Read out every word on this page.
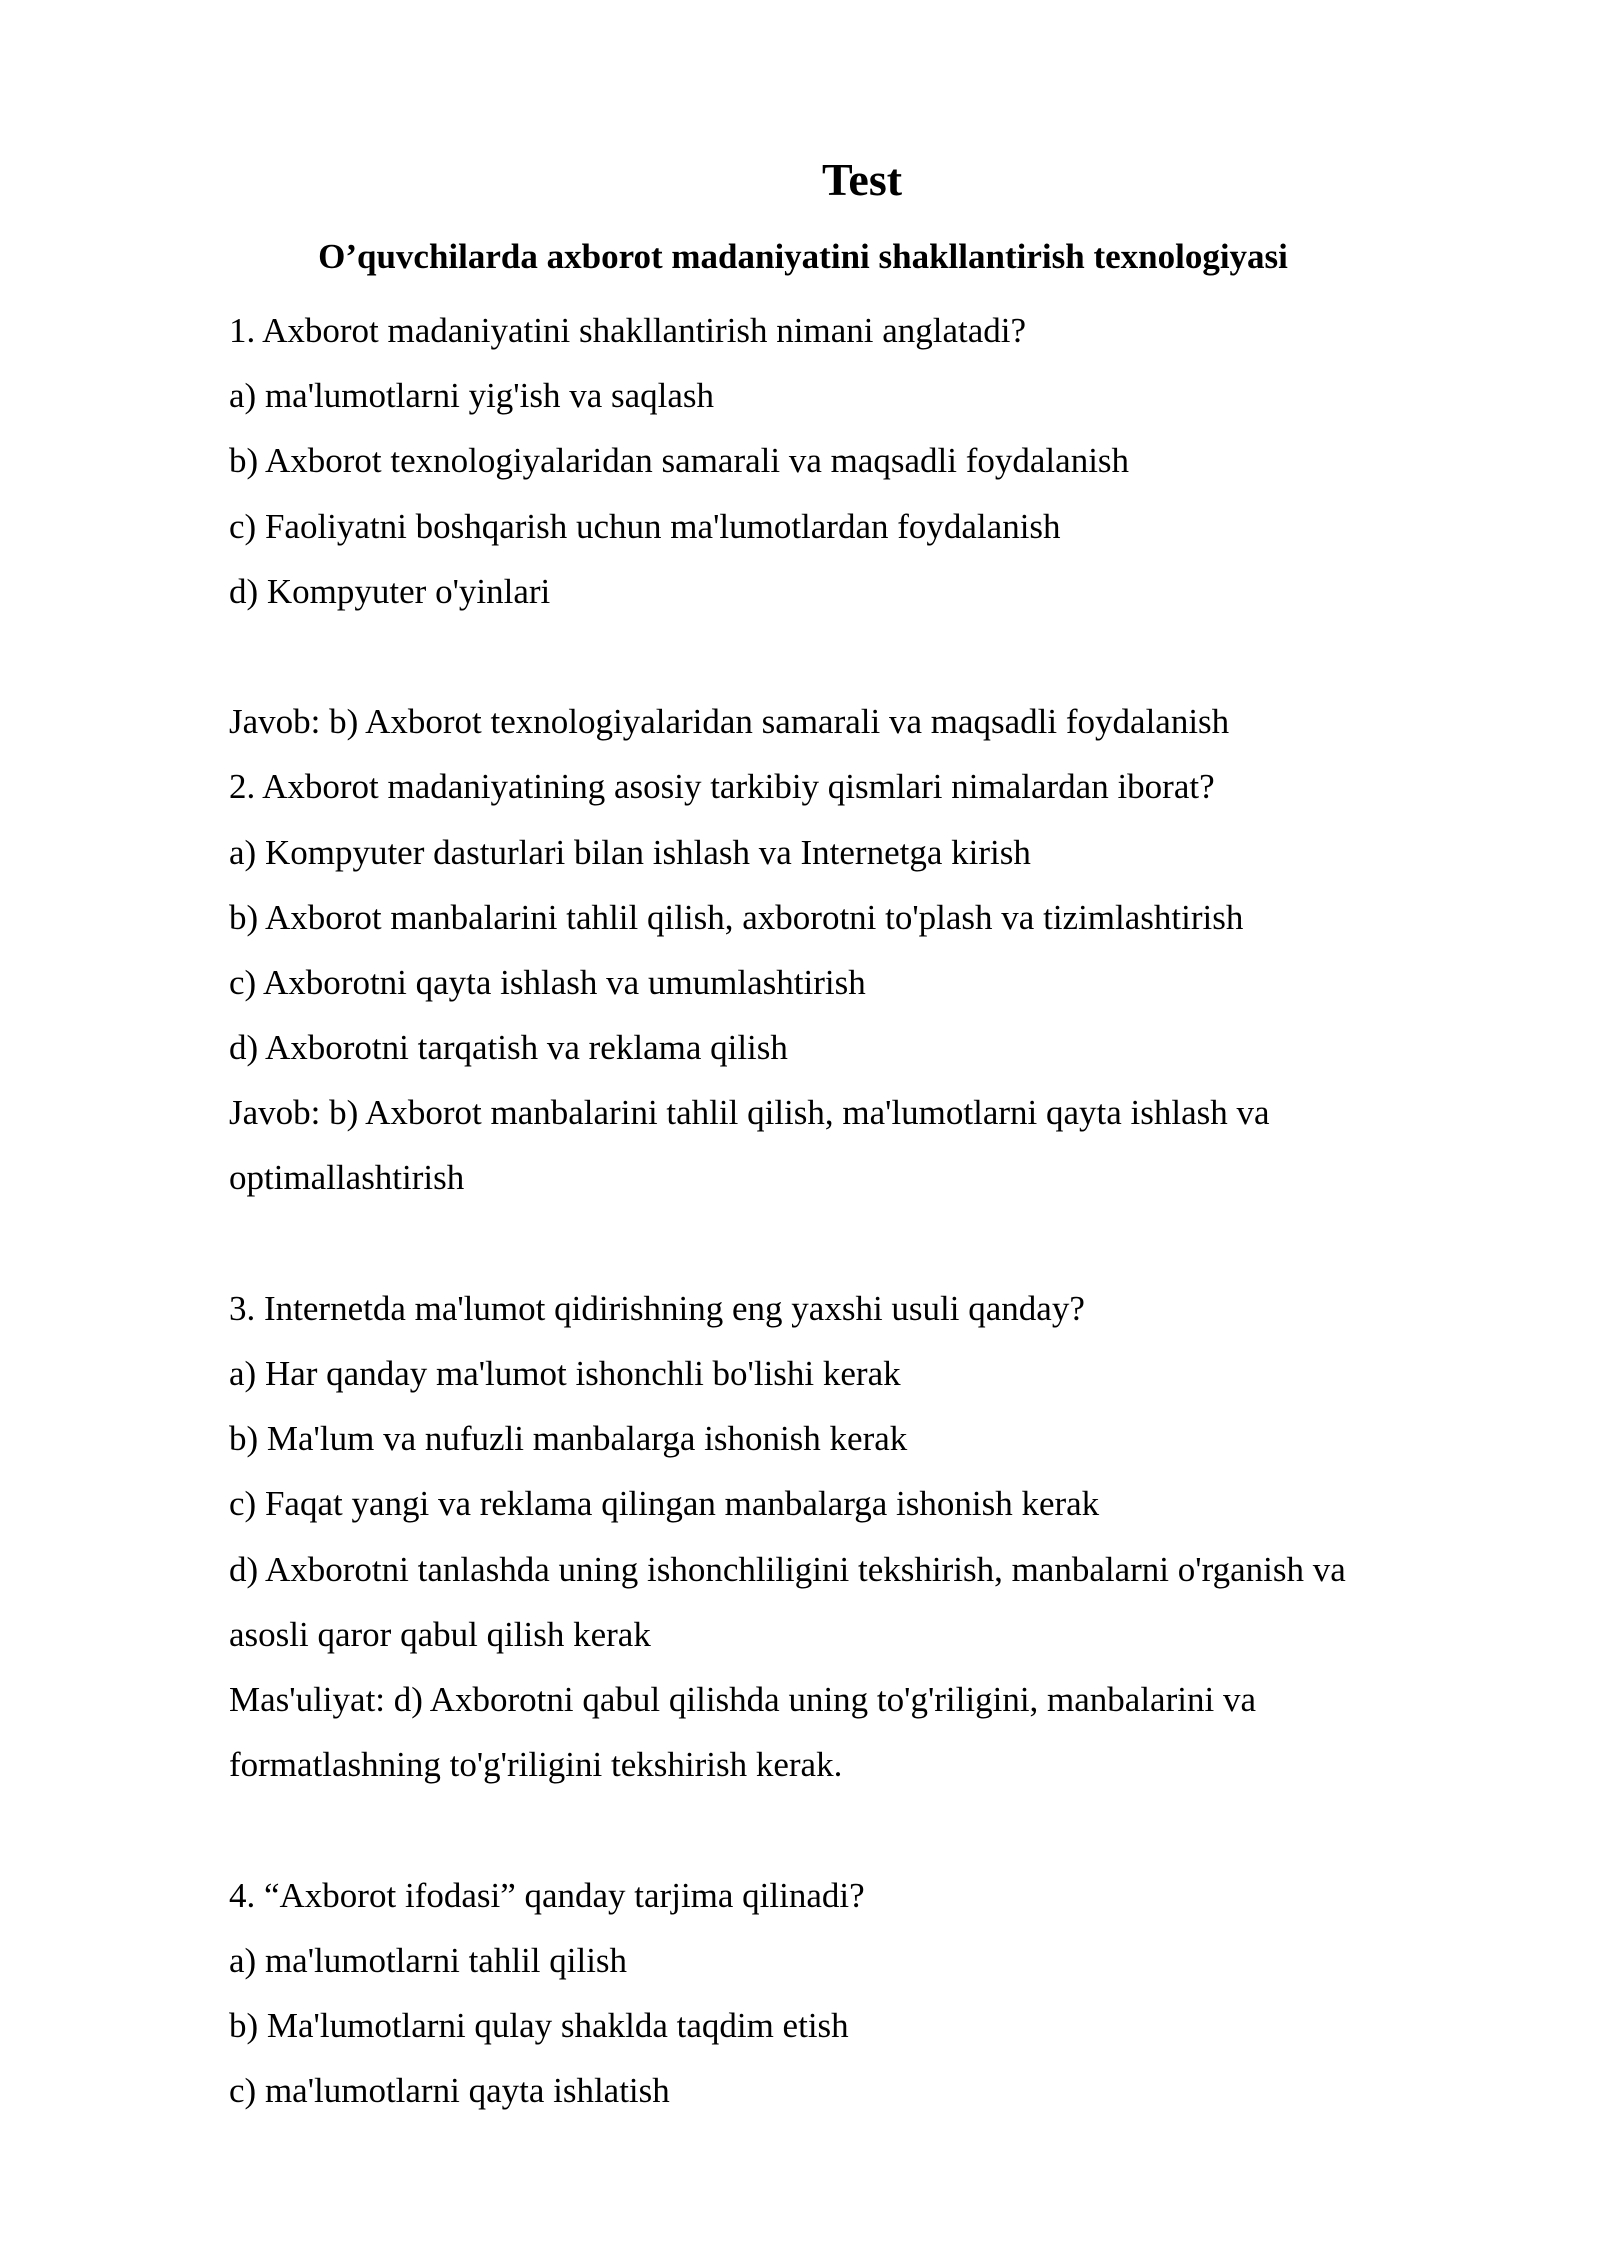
Test
O’quvchilarda axborot madaniyatini shakllantirish texnologiyasi
1. Axborot madaniyatini shakllantirish nimani anglatadi?
a) ma'lumotlarni yig'ish va saqlash
b) Axborot texnologiyalaridan samarali va maqsadli foydalanish
c) Faoliyatni boshqarish uchun ma'lumotlardan foydalanish
d) Kompyuter o'yinlari
Javob: b) Axborot texnologiyalaridan samarali va maqsadli foydalanish
2. Axborot madaniyatining asosiy tarkibiy qismlari nimalardan iborat?
a) Kompyuter dasturlari bilan ishlash va Internetga kirish
b) Axborot manbalarini tahlil qilish, axborotni to'plash va tizimlashtirish
c) Axborotni qayta ishlash va umumlashtirish
d) Axborotni tarqatish va reklama qilish
Javob: b) Axborot manbalarini tahlil qilish, ma'lumotlarni qayta ishlash va
optimallashtirish
3. Internetda ma'lumot qidirishning eng yaxshi usuli qanday?
a) Har qanday ma'lumot ishonchli bo'lishi kerak
b) Ma'lum va nufuzli manbalarga ishonish kerak
c) Faqat yangi va reklama qilingan manbalarga ishonish kerak
d) Axborotni tanlashda uning ishonchliligini tekshirish, manbalarni o'rganish va
asosli qaror qabul qilish kerak
Mas'uliyat: d) Axborotni qabul qilishda uning to'g'riligini, manbalarini va
formatlashning to'g'riligini tekshirish kerak.
4. “Axborot ifodasi” qanday tarjima qilinadi?
a) ma'lumotlarni tahlil qilish
b) Ma'lumotlarni qulay shaklda taqdim etish
c) ma'lumotlarni qayta ishlatish
